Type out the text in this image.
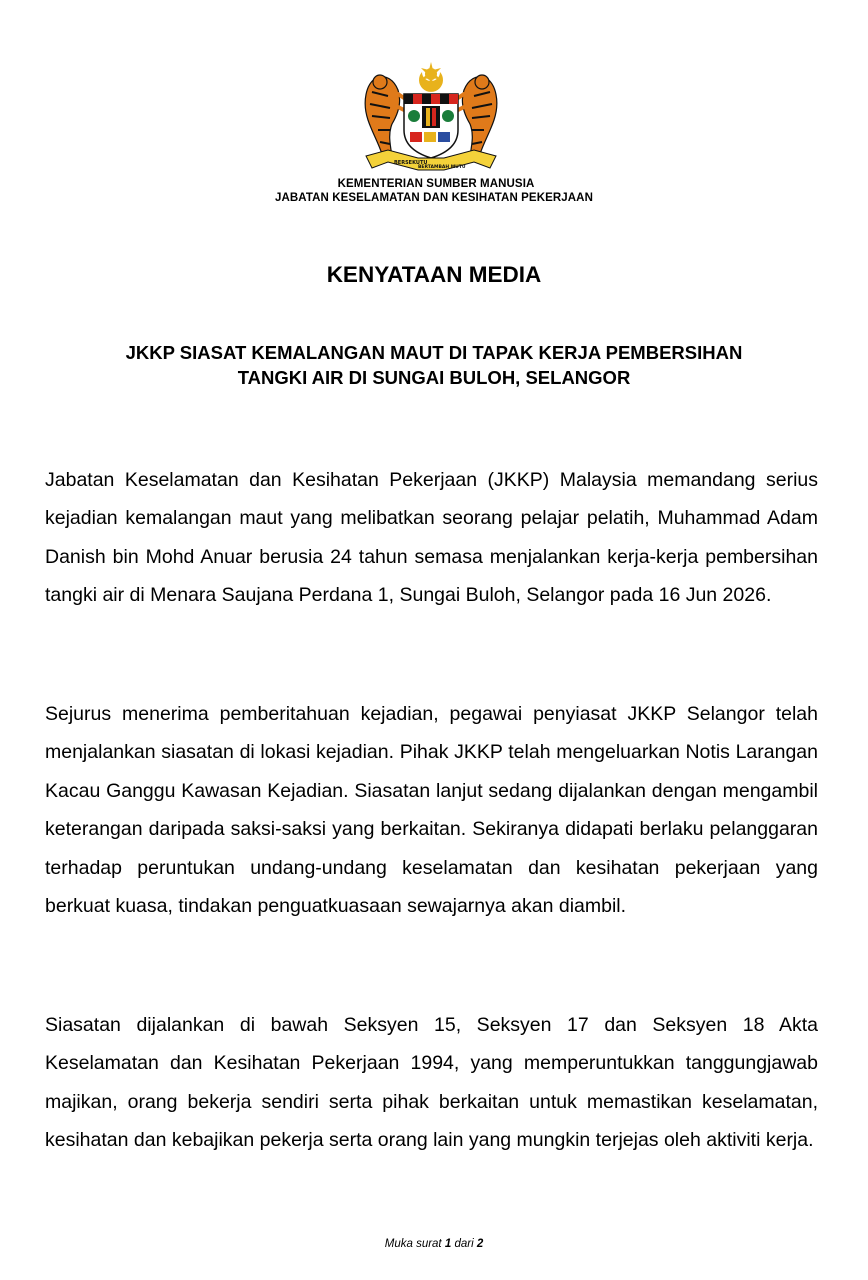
BERSEKUTU
BERTAMBAH MUTU
KEMENTERIAN SUMBER MANUSIA
JABATAN KESELAMATAN DAN KESIHATAN PEKERJAAN
KENYATAAN MEDIA
JKKP SIASAT KEMALANGAN MAUT DI TAPAK KERJA PEMBERSIHAN
TANGKI AIR DI SUNGAI BULOH, SELANGOR

Jabatan Keselamatan dan Kesihatan Pekerjaan (JKKP) Malaysia memandang serius kejadian kemalangan maut yang melibatkan seorang pelajar pelatih, Muhammad Adam Danish bin Mohd Anuar berusia 24 tahun semasa menjalankan kerja-kerja pembersihan tangki air di Menara Saujana Perdana 1, Sungai Buloh, Selangor pada 16 Jun 2026.

Sejurus menerima pemberitahuan kejadian, pegawai penyiasat JKKP Selangor telah menjalankan siasatan di lokasi kejadian. Pihak JKKP telah mengeluarkan Notis Larangan Kacau Ganggu Kawasan Kejadian. Siasatan lanjut sedang dijalankan dengan mengambil keterangan daripada saksi-saksi yang berkaitan. Sekiranya didapati berlaku pelanggaran terhadap peruntukan undang-undang keselamatan dan kesihatan pekerjaan yang berkuat kuasa, tindakan penguatkuasaan sewajarnya akan diambil.

Siasatan dijalankan di bawah Seksyen 15, Seksyen 17 dan Seksyen 18 Akta Keselamatan dan Kesihatan Pekerjaan 1994, yang memperuntukkan tanggungjawab majikan, orang bekerja sendiri serta pihak berkaitan untuk memastikan keselamatan, kesihatan dan kebajikan pekerja serta orang lain yang mungkin terjejas oleh aktiviti kerja.

Muka surat 1 dari 2
